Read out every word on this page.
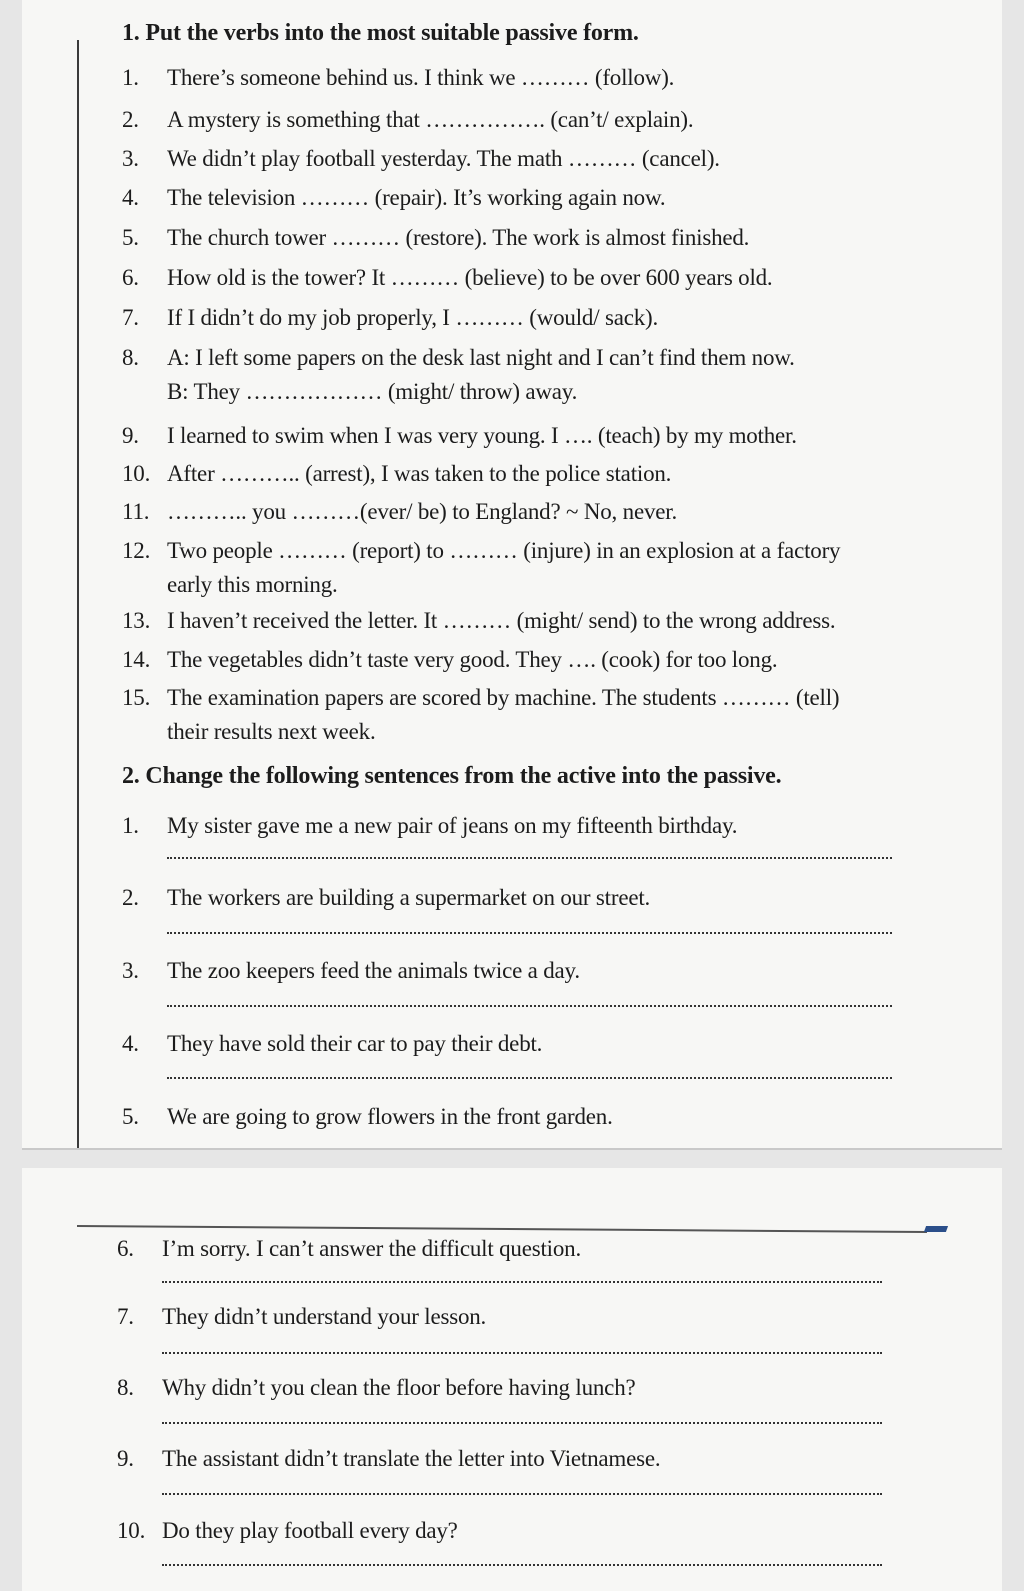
1. Put the verbs into the most suitable passive form.
1. There’s someone behind us. I think we ……… (follow).
2. A mystery is something that ……………. (can’t/ explain).
3. We didn’t play football yesterday. The math ……… (cancel).
4. The television ……… (repair). It’s working again now.
5. The church tower ……… (restore). The work is almost finished.
6. How old is the tower? It ……… (believe) to be over 600 years old.
7. If I didn’t do my job properly, I ……… (would/ sack).
8. A: I left some papers on the desk last night and I can’t find them now.
B: They ……………… (might/ throw) away.
9. I learned to swim when I was very young. I …. (teach) by my mother.
10. After ……….. (arrest), I was taken to the police station.
11. ……….. you ………(ever/ be) to England? ~ No, never.
12. Two people ……… (report) to ……… (injure) in an explosion at a factory
early this morning.
13. I haven’t received the letter. It ……… (might/ send) to the wrong address.
14. The vegetables didn’t taste very good. They …. (cook) for too long.
15. The examination papers are scored by machine. The students ……… (tell)
their results next week.
2. Change the following sentences from the active into the passive.
1. My sister gave me a new pair of jeans on my fifteenth birthday.
2. The workers are building a supermarket on our street.
3. The zoo keepers feed the animals twice a day.
4. They have sold their car to pay their debt.
5. We are going to grow flowers in the front garden.
6. I’m sorry. I can’t answer the difficult question.
7. They didn’t understand your lesson.
8. Why didn’t you clean the floor before having lunch?
9. The assistant didn’t translate the letter into Vietnamese.
10. Do they play football every day?
